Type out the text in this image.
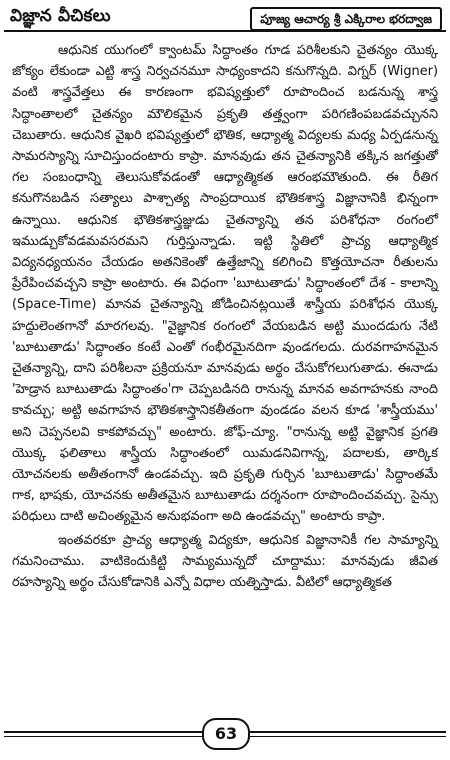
విజ్ఞాన వీచికలు	పూజ్య ఆచార్య శ్రీ ఎక్కిరాల భరద్వాజ

ఆధునిక యుగంలో క్వాంటమ్ సిద్ధాంతం గూడ పరిశీలకుని చైతన్యం యొక్క జోక్యం లేకుండా ఎట్టి శాస్త్ర నిర్వచనమూ సాధ్యంకాదని కనుగొన్నది. విగ్నర్ (Wigner) వంటి శాస్త్రవేత్తలు ఈ కారణంగా భవిష్యత్తులో రూపొందించ బడనున్న శాస్త్ర సిద్ధాంతాలలో చైతన్యం మౌలికమైన ప్రకృతి తత్త్వంగా పరిగణింపబడవచ్చునని చెబుతారు. ఆధునిక వైఖరి భవిష్యత్తులో భౌతిక, ఆధ్యాత్మ విద్యలకు మధ్య ఏర్పడనున్న సామరస్యాన్ని సూచిస్తుందంటారు కాప్రా. మానవుడు తన చైతన్యానికి తక్కిన జగత్తుతో గల సంబంధాన్ని తెలుసుకోవడంతో ఆధ్యాత్మికత ఆరంభమౌతుంది. ఈ రీతిగ కనుగొనబడిన సత్యాలు పాశ్చాత్య సాంప్రదాయిక భౌతికశాస్త్ర విజ్ఞానానికి భిన్నంగా ఉన్నాయి. ఆధునిక భౌతికశాస్త్రజ్ఞుడు చైతన్యాన్ని తన పరిశోధనా రంగంలో ఇముడ్చుకోవడమవసరమని గుర్తిస్తున్నాడు. ఇట్టి స్థితిలో ప్రాచ్య ఆధ్యాత్మిక విద్యనధ్యయనం చేయడం అతనికెంతో ఉత్తేజాన్ని కలిగించి కొత్తయోచనా రీతులను ప్రేరేపించవచ్చని కాప్రా అంటారు. ఈ విధంగా 'బూటుతాడు' సిద్ధాంతంలో దేశ - కాలాన్ని (Space-Time) మానవ చైతన్యాన్ని జోడించినట్లయితే శాస్త్రీయ పరిశోధన యొక్క హద్దులెంతగానో మారగలవు. "వైజ్ఞానిక రంగంలో వేయబడిన అట్టి ముందడుగు నేటి 'బూటుతాడు' సిద్ధాంతం కంటే ఎంతో గంభీరమైనదిగా వుండగలదు. దురవగాహనమైన చైతన్యాన్ని, దాని పరిశీలనా ప్రక్రియనూ మానవుడు అర్థం చేసుకోగలుగుతాడు. ఈనాడు 'హెడ్రాన బూటుతాడు సిద్ధాంతం'గా చెప్పబడినది రానున్న మానవ అవగాహనకు నాంది కావచ్చు; అట్టి అవగాహన భౌతికశాస్త్రానికతీతంగా వుండడం వలన కూడ 'శాస్త్రీయము' అని చెప్పనలవి కాకపోవచ్చు" అంటారు. జోఫ్-చ్యూ. "రానున్న అట్టి వైజ్ఞానిక ప్రగతి యొక్క ఫలితాలు శాస్త్రీయ సిద్ధాంతంలో యిమడనివిగాన్న, పదాలకు, తార్కిక యోచనలకు అతీతంగానో ఉండవచ్చు. ఇది ప్రకృతి గుర్చిన 'బూటుతాడు' సిద్ధాంతమే గాక, భాషకు, యోచనకు అతీతమైన బూటుతాడు దర్శనంగా రూపొందించవచ్చు. సైన్సు పరిధులు దాటి అచింత్యమైన అనుభవంగా అది ఉండవచ్చు" అంటారు కాప్రా.

ఇంతవరకూ ప్రాచ్య ఆధ్యాత్మ విద్యకూ, ఆధునిక విజ్ఞానానికీ గల సామ్యాన్ని గమనించాము. వాటికెందుకిట్టి సామ్యమున్నదో చూద్దాము: మానవుడు జీవిత రహస్యాన్ని అర్థం చేసుకోడానికి ఎన్నో విధాల యత్నిస్తాడు. వీటిలో ఆధ్యాత్మికత

63
